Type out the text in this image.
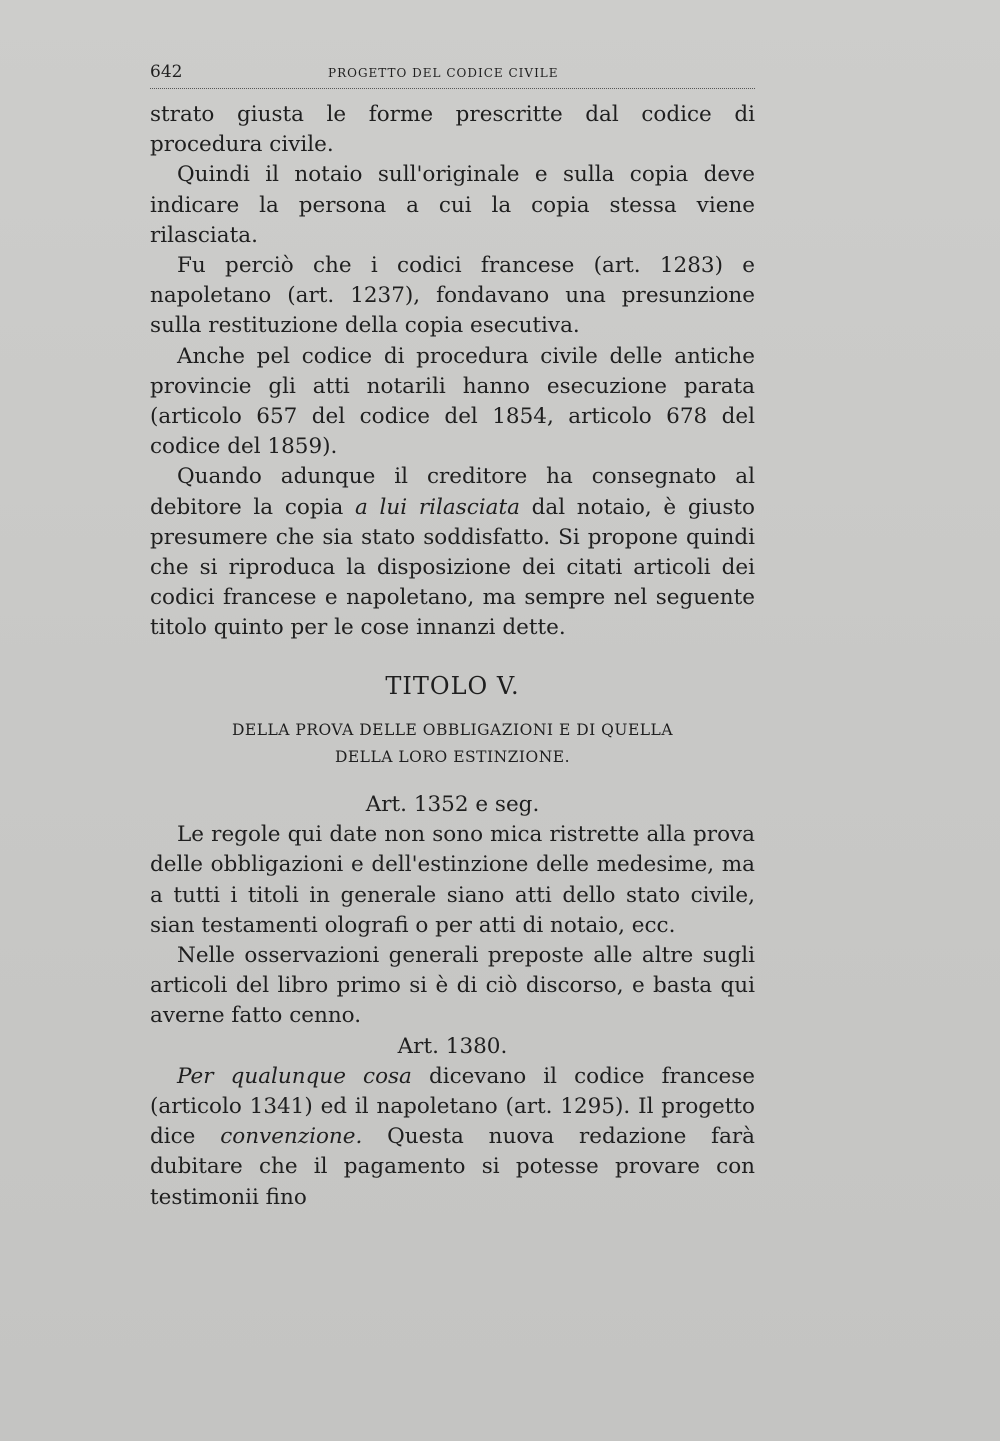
642	PROGETTO DEL CODICE CIVILE

strato giusta le forme prescritte dal codice di procedura civile.

Quindi il notaio sull'originale e sulla copia deve indicare la persona a cui la copia stessa viene rilasciata.

Fu perciò che i codici francese (art. 1283) e napoletano (art. 1237), fondavano una presunzione sulla restituzione della copia esecutiva.

Anche pel codice di procedura civile delle antiche provincie gli atti notarili hanno esecuzione parata (articolo 657 del codice del 1854, articolo 678 del codice del 1859).

Quando adunque il creditore ha consegnato al debitore la copia a lui rilasciata dal notaio, è giusto presumere che sia stato soddisfatto. Si propone quindi che si riproduca la disposizione dei citati articoli dei codici francese e napoletano, ma sempre nel seguente titolo quinto per le cose innanzi dette.

TITOLO V.
DELLA PROVA DELLE OBBLIGAZIONI E DI QUELLA
DELLA LORO ESTINZIONE.

Art. 1352 e seg.

Le regole qui date non sono mica ristrette alla prova delle obbligazioni e dell'estinzione delle medesime, ma a tutti i titoli in generale siano atti dello stato civile, sian testamenti olografi o per atti di notaio, ecc.

Nelle osservazioni generali preposte alle altre sugli articoli del libro primo si è di ciò discorso, e basta qui averne fatto cenno.

Art. 1380.

Per qualunque cosa dicevano il codice francese (articolo 1341) ed il napoletano (art. 1295). Il progetto dice convenzione. Questa nuova redazione farà dubitare che il pagamento si potesse provare con testimonii fino
